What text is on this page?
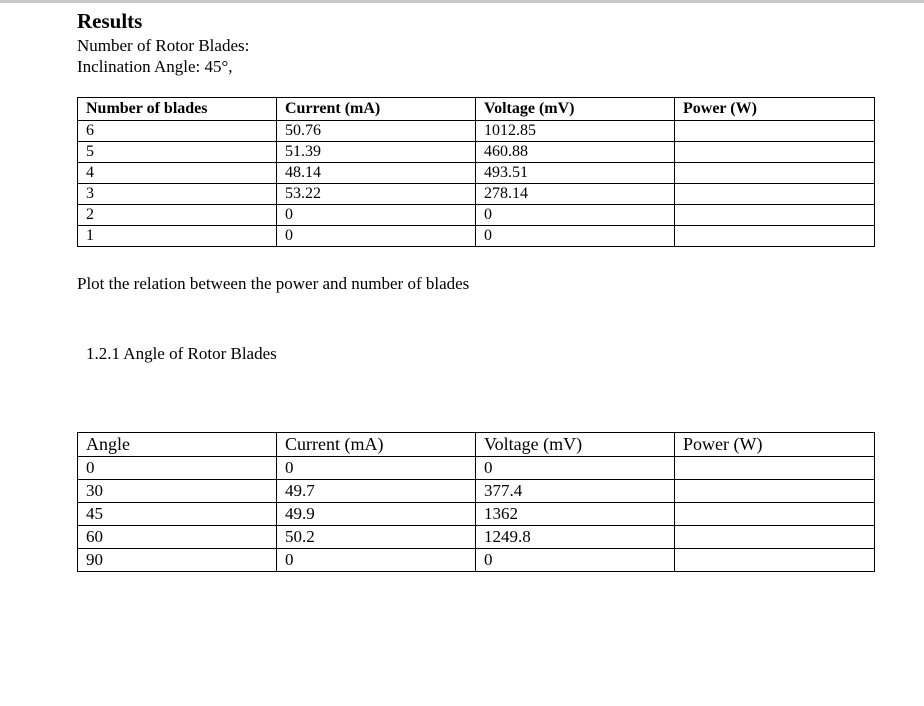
Results

Number of Rotor Blades:

Inclination Angle: 45°,

Number of blades	Current (mA)	Voltage (mV)	Power (W)
6	50.76	1012.85	
5	51.39	460.88	
4	48.14	493.51	
3	53.22	278.14	
2	0	0	
1	0	0	

Plot the relation between the power and number of blades

1.2.1 Angle of Rotor Blades

Angle	Current (mA)	Voltage (mV)	Power (W)
0	0	0	
30	49.7	377.4	
45	49.9	1362	
60	50.2	1249.8	
90	0	0	
